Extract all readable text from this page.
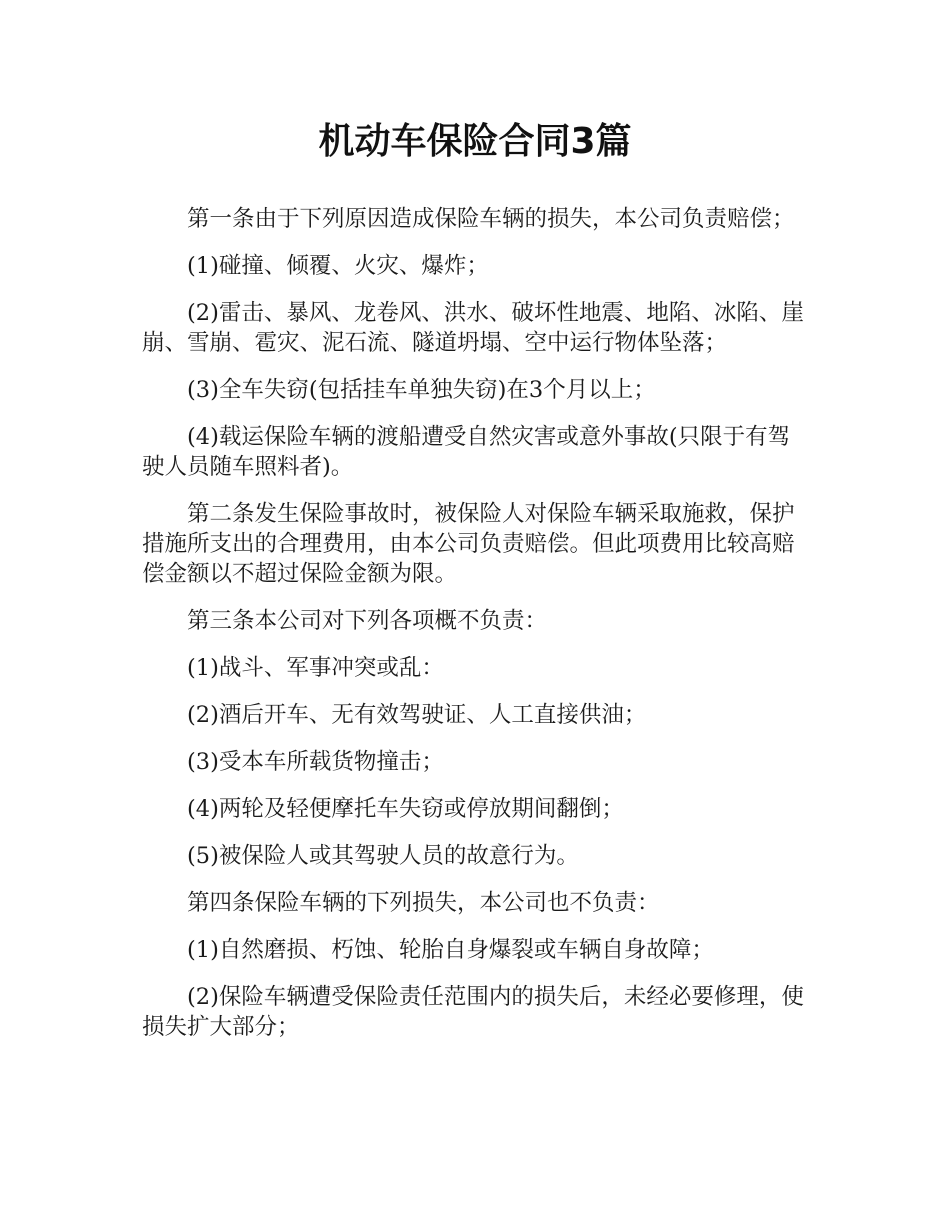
机动车保险合同3篇

第一条由于下列原因造成保险车辆的损失，本公司负责赔偿；

(1)碰撞、倾覆、火灾、爆炸；

(2)雷击、暴风、龙卷风、洪水、破坏性地震、地陷、冰陷、崖崩、雪崩、雹灾、泥石流、隧道坍塌、空中运行物体坠落；

(3)全车失窃(包括挂车单独失窃)在3个月以上；

(4)载运保险车辆的渡船遭受自然灾害或意外事故(只限于有驾驶人员随车照料者)。

第二条发生保险事故时，被保险人对保险车辆采取施救，保护措施所支出的合理费用，由本公司负责赔偿。但此项费用比较高赔偿金额以不超过保险金额为限。

第三条本公司对下列各项概不负责：

(1)战斗、军事冲突或乱：

(2)酒后开车、无有效驾驶证、人工直接供油；

(3)受本车所载货物撞击；

(4)两轮及轻便摩托车失窃或停放期间翻倒；

(5)被保险人或其驾驶人员的故意行为。

第四条保险车辆的下列损失，本公司也不负责：

(1)自然磨损、朽蚀、轮胎自身爆裂或车辆自身故障；

(2)保险车辆遭受保险责任范围内的损失后，未经必要修理，使损失扩大部分；
